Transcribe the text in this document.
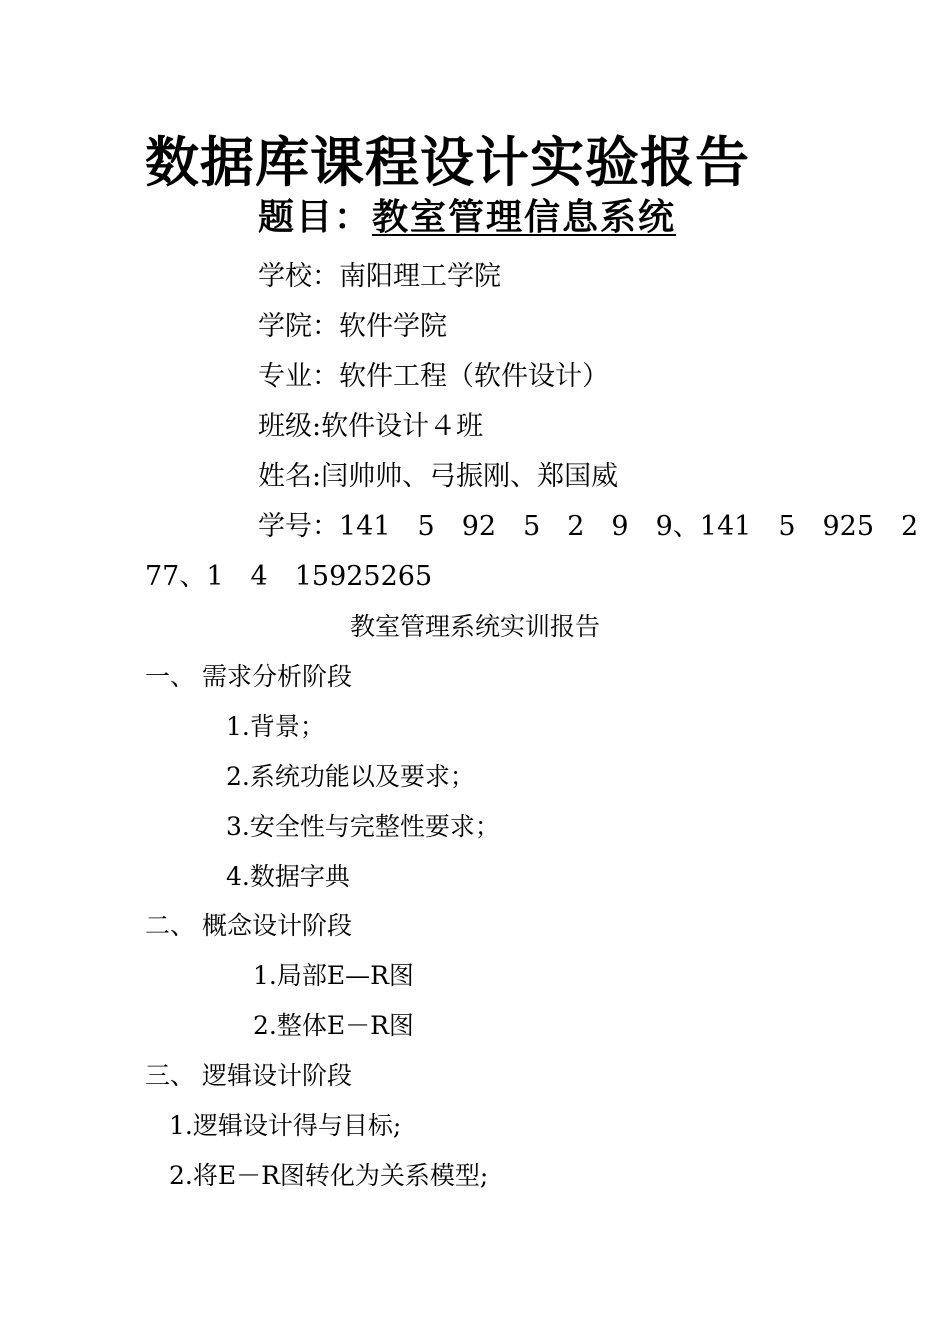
数据库课程设计实验报告
题目：教室管理信息系统
学校：南阳理工学院
学院：软件学院
专业：软件工程（软件设计）
班级:软件设计４班
姓名:闫帅帅、弓振刚、郑国威
学号：141　5　92　5　2　9　9、141　5　925　2
77、1　4　15925265
教室管理系统实训报告
一、 需求分析阶段
1.背景；
2.系统功能以及要求；
3.安全性与完整性要求；
4.数据字典
二、 概念设计阶段
1.局部E—R图
2.整体E－R图
三、 逻辑设计阶段
1.逻辑设计得与目标;
2.将E－R图转化为关系模型;
